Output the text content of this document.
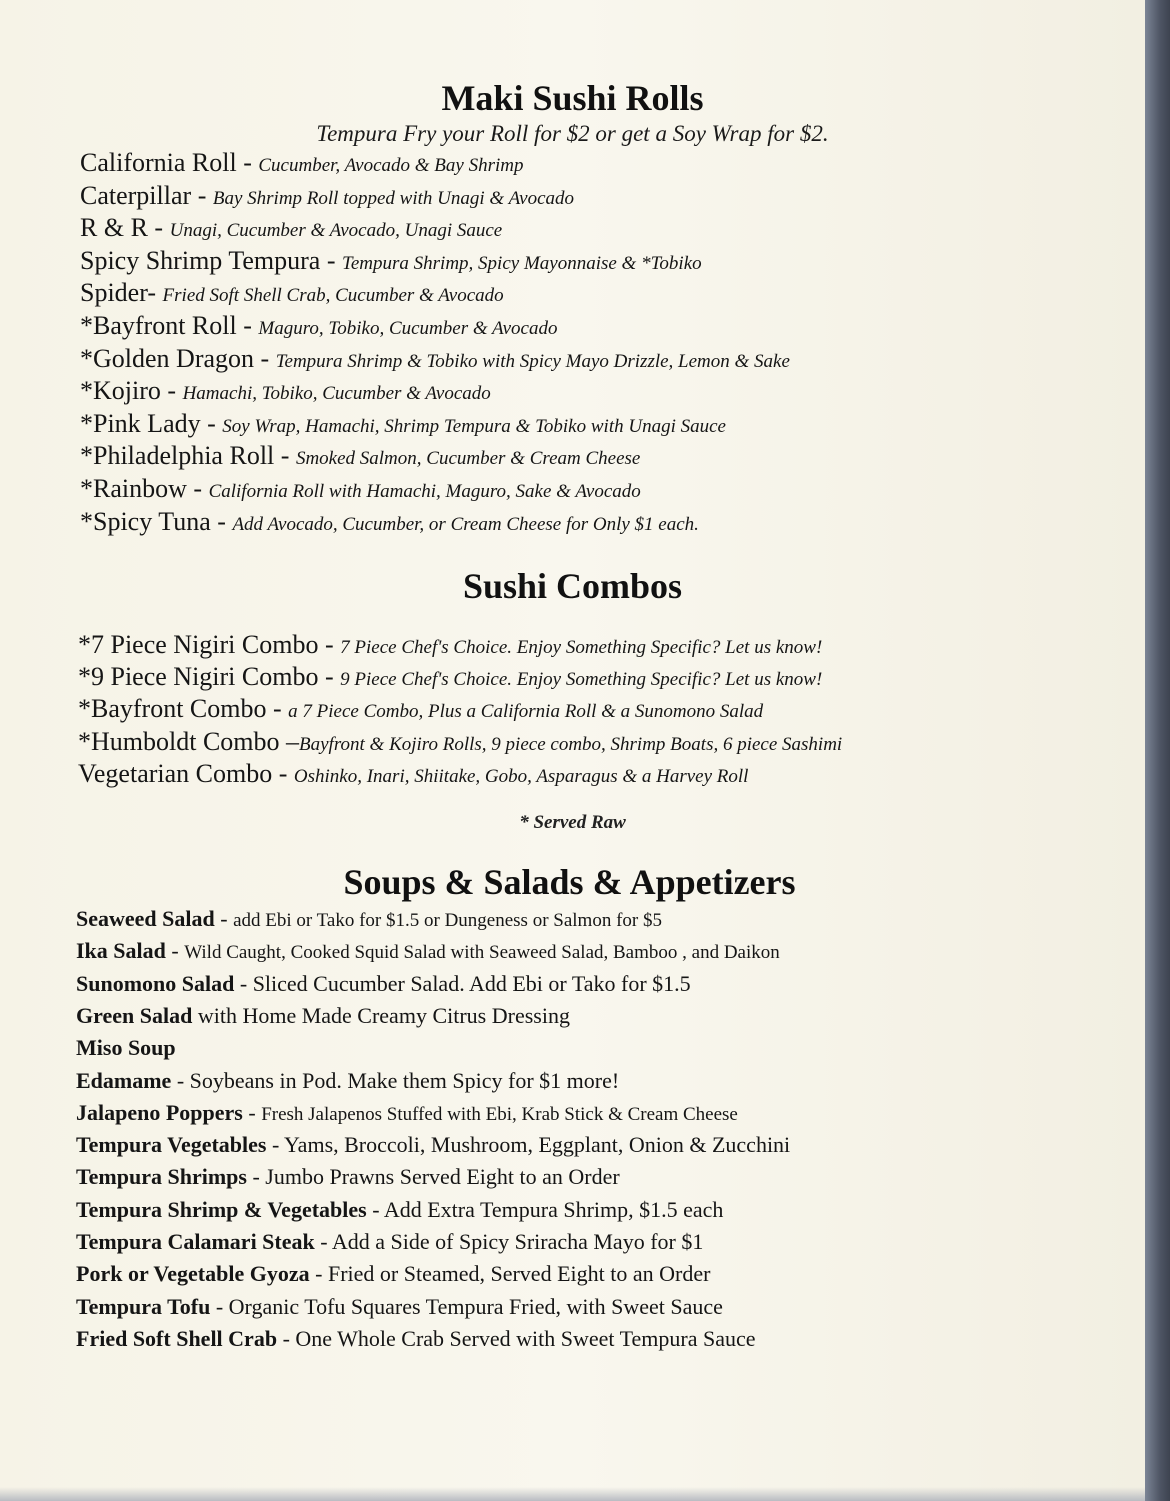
Maki Sushi Rolls
Tempura Fry your Roll for $2 or get a Soy Wrap for $2.
California Roll - Cucumber, Avocado & Bay Shrimp
Caterpillar - Bay Shrimp Roll topped with Unagi & Avocado
R & R - Unagi, Cucumber & Avocado, Unagi Sauce
Spicy Shrimp Tempura - Tempura Shrimp, Spicy Mayonnaise & *Tobiko
Spider- Fried Soft Shell Crab, Cucumber & Avocado
*Bayfront Roll - Maguro, Tobiko, Cucumber & Avocado
*Golden Dragon - Tempura Shrimp & Tobiko with Spicy Mayo Drizzle, Lemon & Sake
*Kojiro - Hamachi, Tobiko, Cucumber & Avocado
*Pink Lady - Soy Wrap, Hamachi, Shrimp Tempura & Tobiko with Unagi Sauce
*Philadelphia Roll - Smoked Salmon, Cucumber & Cream Cheese
*Rainbow - California Roll with Hamachi, Maguro, Sake & Avocado
*Spicy Tuna - Add Avocado, Cucumber, or Cream Cheese for Only $1 each.
Sushi Combos
*7 Piece Nigiri Combo - 7 Piece Chef's Choice. Enjoy Something Specific? Let us know!
*9 Piece Nigiri Combo - 9 Piece Chef's Choice. Enjoy Something Specific? Let us know!
*Bayfront Combo - a 7 Piece Combo, Plus a California Roll & a Sunomono Salad
*Humboldt Combo –Bayfront & Kojiro Rolls, 9 piece combo, Shrimp Boats, 6 piece Sashimi
Vegetarian Combo - Oshinko, Inari, Shiitake, Gobo, Asparagus & a Harvey Roll
* Served Raw
Soups & Salads & Appetizers
Seaweed Salad - add Ebi or Tako for $1.5 or Dungeness or Salmon for $5
Ika Salad - Wild Caught, Cooked Squid Salad with Seaweed Salad, Bamboo , and Daikon
Sunomono Salad - Sliced Cucumber Salad. Add Ebi or Tako for $1.5
Green Salad with Home Made Creamy Citrus Dressing
Miso Soup
Edamame - Soybeans in Pod. Make them Spicy for $1 more!
Jalapeno Poppers - Fresh Jalapenos Stuffed with Ebi, Krab Stick & Cream Cheese
Tempura Vegetables - Yams, Broccoli, Mushroom, Eggplant, Onion & Zucchini
Tempura Shrimps - Jumbo Prawns Served Eight to an Order
Tempura Shrimp & Vegetables - Add Extra Tempura Shrimp, $1.5 each
Tempura Calamari Steak - Add a Side of Spicy Sriracha Mayo for $1
Pork or Vegetable Gyoza - Fried or Steamed, Served Eight to an Order
Tempura Tofu - Organic Tofu Squares Tempura Fried, with Sweet Sauce
Fried Soft Shell Crab - One Whole Crab Served with Sweet Tempura Sauce
